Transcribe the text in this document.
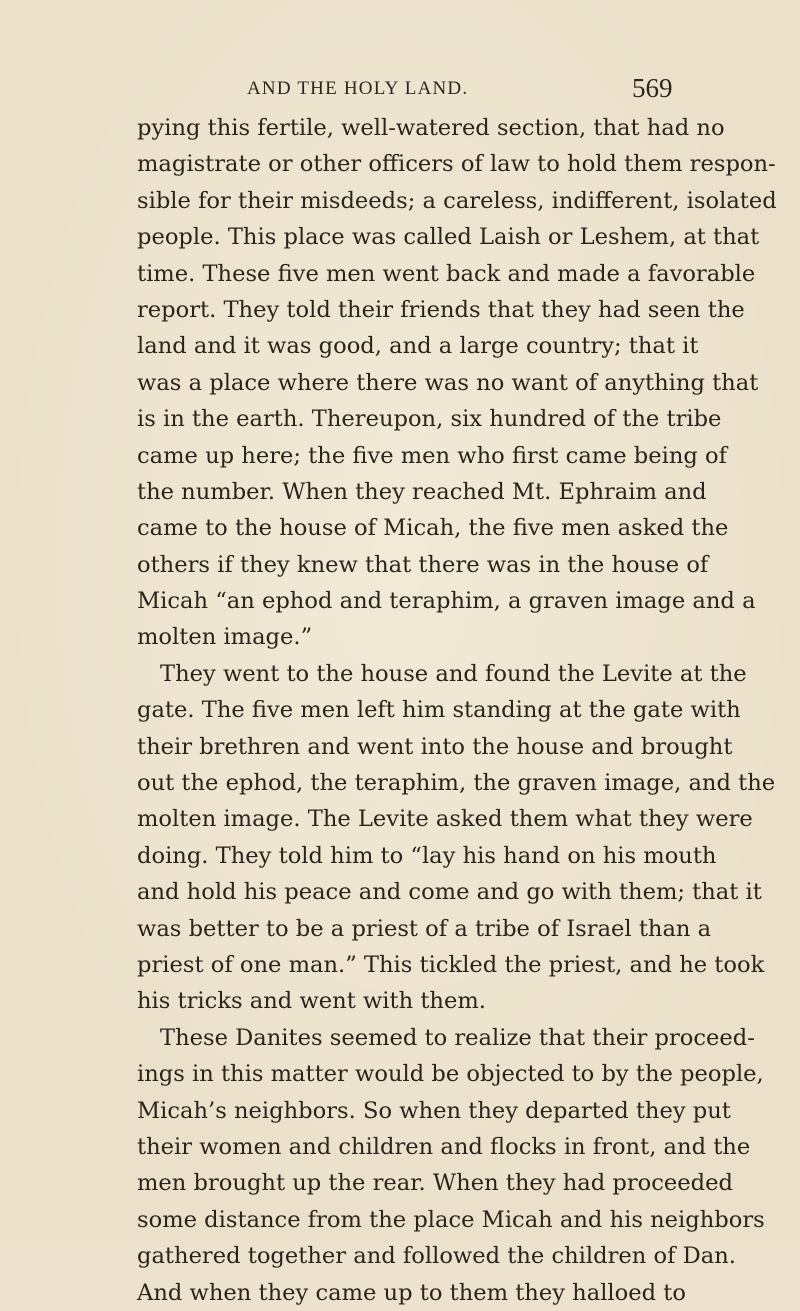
AND THE HOLY LAND.	569
pying this fertile, well-watered section, that had no
magistrate or other officers of law to hold them respon-
sible for their misdeeds; a careless, indifferent, isolated
people. This place was called Laish or Leshem, at that
time. These five men went back and made a favorable
report. They told their friends that they had seen the
land and it was good, and a large country; that it
was a place where there was no want of anything that
is in the earth. Thereupon, six hundred of the tribe
came up here; the five men who first came being of
the number. When they reached Mt. Ephraim and
came to the house of Micah, the five men asked the
others if they knew that there was in the house of
Micah “an ephod and teraphim, a graven image and a
molten image.”
They went to the house and found the Levite at the
gate. The five men left him standing at the gate with
their brethren and went into the house and brought
out the ephod, the teraphim, the graven image, and the
molten image. The Levite asked them what they were
doing. They told him to “lay his hand on his mouth
and hold his peace and come and go with them; that it
was better to be a priest of a tribe of Israel than a
priest of one man.” This tickled the priest, and he took
his tricks and went with them.
These Danites seemed to realize that their proceed-
ings in this matter would be objected to by the people,
Micah’s neighbors. So when they departed they put
their women and children and flocks in front, and the
men brought up the rear. When they had proceeded
some distance from the place Micah and his neighbors
gathered together and followed the children of Dan.
And when they came up to them they halloed to
